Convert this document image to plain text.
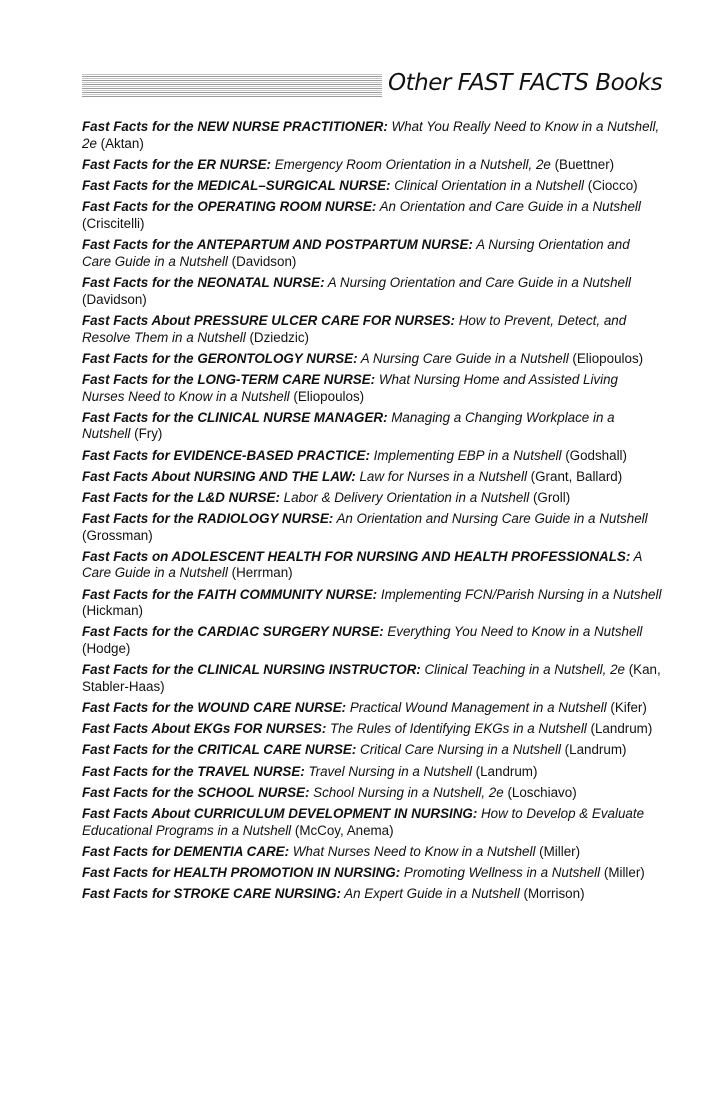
Other FAST FACTS Books
Fast Facts for the NEW NURSE PRACTITIONER: What You Really Need to Know in a Nutshell, 2e (Aktan)
Fast Facts for the ER NURSE: Emergency Room Orientation in a Nutshell, 2e (Buettner)
Fast Facts for the MEDICAL–SURGICAL NURSE: Clinical Orientation in a Nutshell (Ciocco)
Fast Facts for the OPERATING ROOM NURSE: An Orientation and Care Guide in a Nutshell (Criscitelli)
Fast Facts for the ANTEPARTUM AND POSTPARTUM NURSE: A Nursing Orientation and Care Guide in a Nutshell (Davidson)
Fast Facts for the NEONATAL NURSE: A Nursing Orientation and Care Guide in a Nutshell (Davidson)
Fast Facts About PRESSURE ULCER CARE FOR NURSES: How to Prevent, Detect, and Resolve Them in a Nutshell (Dziedzic)
Fast Facts for the GERONTOLOGY NURSE: A Nursing Care Guide in a Nutshell (Eliopoulos)
Fast Facts for the LONG-TERM CARE NURSE: What Nursing Home and Assisted Living Nurses Need to Know in a Nutshell (Eliopoulos)
Fast Facts for the CLINICAL NURSE MANAGER: Managing a Changing Workplace in a Nutshell (Fry)
Fast Facts for EVIDENCE-BASED PRACTICE: Implementing EBP in a Nutshell (Godshall)
Fast Facts About NURSING AND THE LAW: Law for Nurses in a Nutshell (Grant, Ballard)
Fast Facts for the L&D NURSE: Labor & Delivery Orientation in a Nutshell (Groll)
Fast Facts for the RADIOLOGY NURSE: An Orientation and Nursing Care Guide in a Nutshell (Grossman)
Fast Facts on ADOLESCENT HEALTH FOR NURSING AND HEALTH PROFESSIONALS: A Care Guide in a Nutshell (Herrman)
Fast Facts for the FAITH COMMUNITY NURSE: Implementing FCN/Parish Nursing in a Nutshell (Hickman)
Fast Facts for the CARDIAC SURGERY NURSE: Everything You Need to Know in a Nutshell (Hodge)
Fast Facts for the CLINICAL NURSING INSTRUCTOR: Clinical Teaching in a Nutshell, 2e (Kan, Stabler-Haas)
Fast Facts for the WOUND CARE NURSE: Practical Wound Management in a Nutshell (Kifer)
Fast Facts About EKGs FOR NURSES: The Rules of Identifying EKGs in a Nutshell (Landrum)
Fast Facts for the CRITICAL CARE NURSE: Critical Care Nursing in a Nutshell (Landrum)
Fast Facts for the TRAVEL NURSE: Travel Nursing in a Nutshell (Landrum)
Fast Facts for the SCHOOL NURSE: School Nursing in a Nutshell, 2e (Loschiavo)
Fast Facts About CURRICULUM DEVELOPMENT IN NURSING: How to Develop & Evaluate Educational Programs in a Nutshell (McCoy, Anema)
Fast Facts for DEMENTIA CARE: What Nurses Need to Know in a Nutshell (Miller)
Fast Facts for HEALTH PROMOTION IN NURSING: Promoting Wellness in a Nutshell (Miller)
Fast Facts for STROKE CARE NURSING: An Expert Guide in a Nutshell (Morrison)
